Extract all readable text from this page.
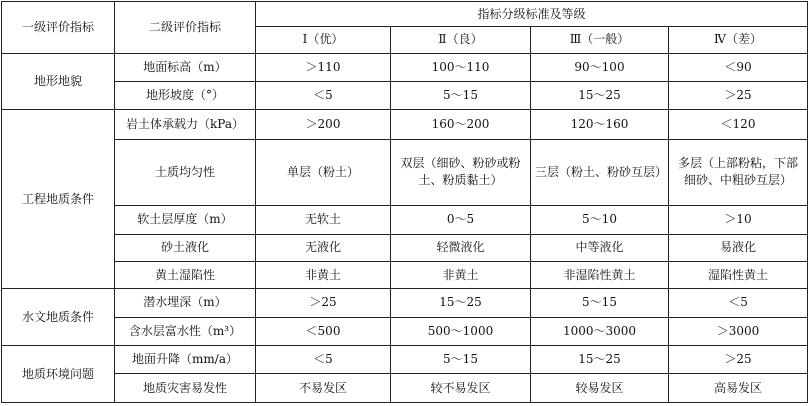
一级评价指标	二级评价指标	指标分级标准及等级			
		Ⅰ（优）	Ⅱ（良）	Ⅲ（一般）	Ⅳ（差）
地形地貌	地面标高（m）	＞110	100～110	90～100	＜90
	地形坡度（°）	＜5	5～15	15～25	＞25
工程地质条件	岩土体承载力（kPa）	＞200	160～200	120～160	＜120
	土质均匀性	单层（粉土）	双层（细砂、粉砂或粉土、粉质黏土）	三层（粉土、粉砂互层）	多层（上部粉粘，下部细砂、中粗砂互层）
	软土层厚度（m）	无软土	0～5	5～10	＞10
	砂土液化	无液化	轻微液化	中等液化	易液化
	黄土湿陷性	非黄土	非黄土	非湿陷性黄土	湿陷性黄土
水文地质条件	潜水埋深（m）	＞25	15～25	5～15	＜5
	含水层富水性（m³）	＜500	500～1000	1000～3000	＞3000
地质环境问题	地面升降（mm/a）	＜5	5～15	15～25	＞25
	地质灾害易发性	不易发区	较不易发区	较易发区	高易发区
